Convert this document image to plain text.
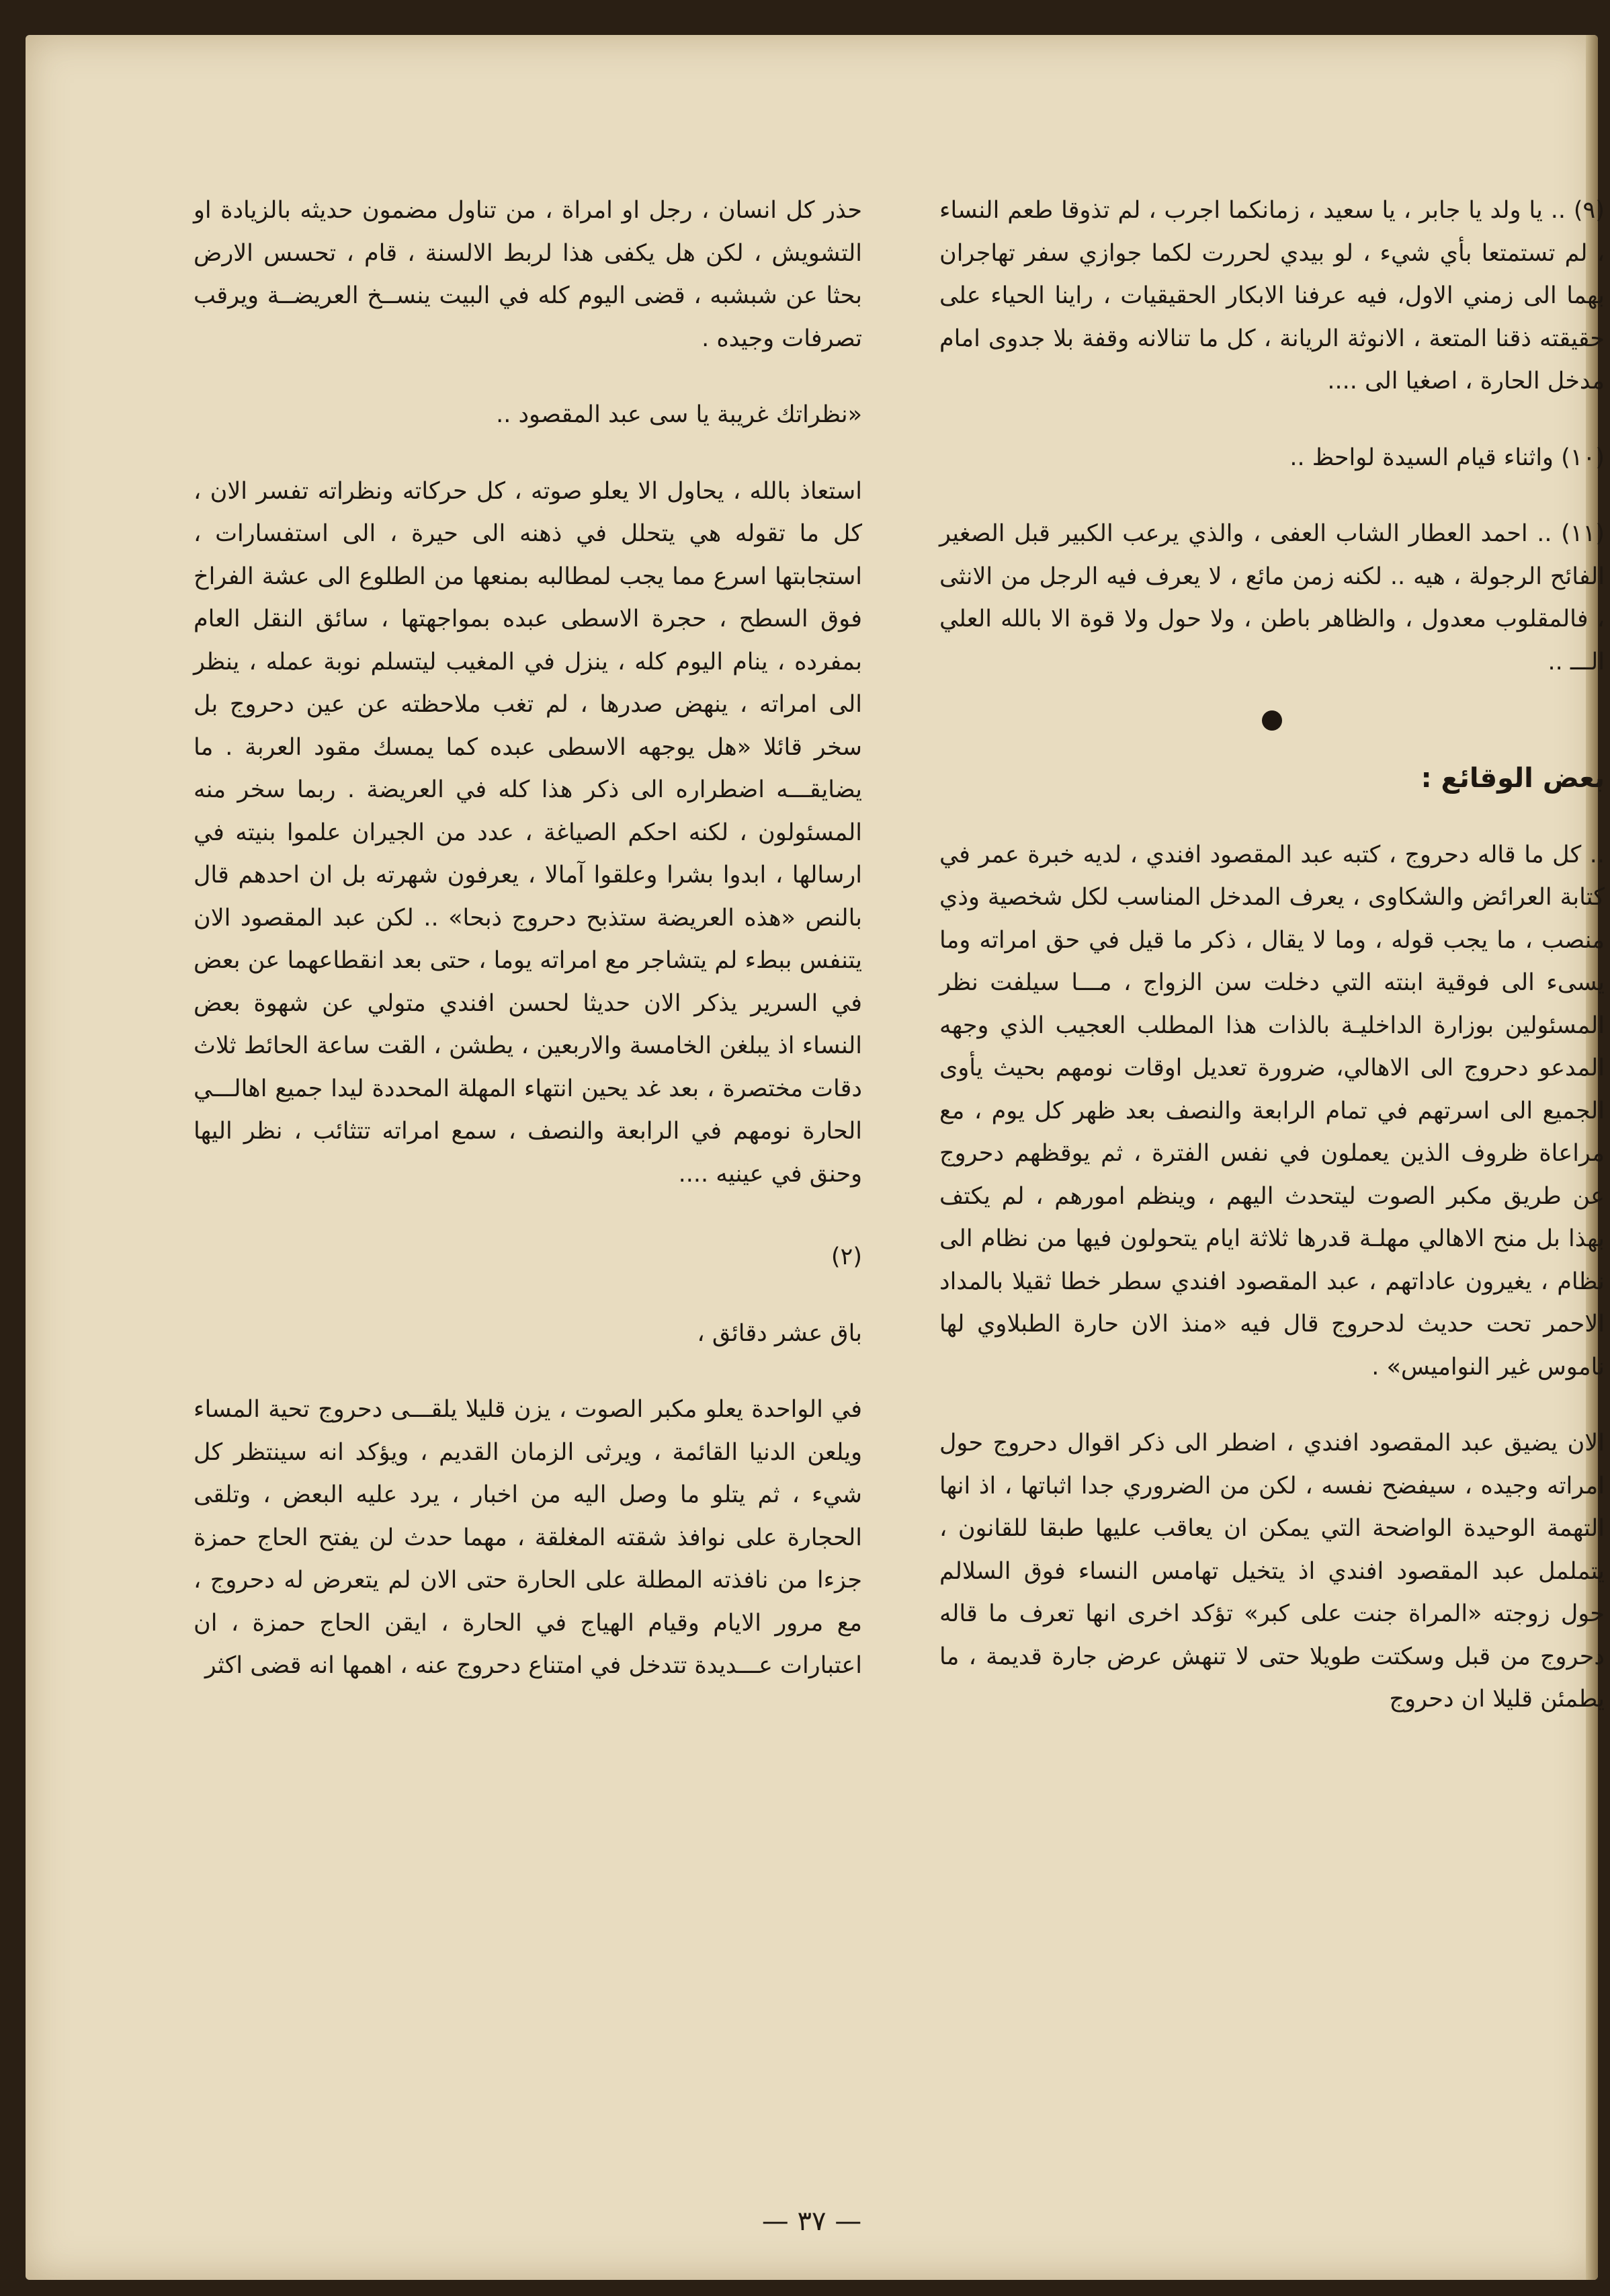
(٩) .. يا ولد يا جابر ، يا سعيد ، زمانكما اجرب ، لم تذوقا طعم النساء ، لم تستمتعا بأي شيء ، لو بيدي لحررت لكما جوازي سفر تهاجران بهما الى زمني الاول، فيه عرفنا الابكار الحقيقيات ، راينا الحياء على حقيقته ذقنا المتعة ، الانوثة الريانة ، كل ما تنالانه وقفة بلا جدوى امام مدخل الحارة ، اصغيا الى ....

(١٠) واثناء قيام السيدة لواحظ ..

(١١) .. احمد العطار الشاب العفى ، والذي يرعب الكبير قبل الصغير الفائح الرجولة ، هيه .. لكنه زمن مائع ، لا يعرف فيه الرجل من الانثى ، فالمقلوب معدول ، والظاهر باطن ، ولا حول ولا قوة الا بالله العلي الـــ ..

بعض الوقائع :

.. كل ما قاله دحروج ، كتبه عبد المقصود افندي ، لديه خبرة عمر في كتابة العرائض والشكاوى ، يعرف المدخل المناسب لكل شخصية وذي منصب ، ما يجب قوله ، وما لا يقال ، ذكر ما قيل في حق امراته وما يسىء الى فوقية ابنته التي دخلت سن الزواج ، مـــا سيلفت نظر المسئولين بوزارة الداخليـة بالذات هذا المطلب العجيب الذي وجهه المدعو دحروج الى الاهالي، ضرورة تعديل اوقات نومهم بحيث يأوى الجميع الى اسرتهم في تمام الرابعة والنصف بعد ظهر كل يوم ، مع مراعاة ظروف الذين يعملون في نفس الفترة ، ثم يوقظهم دحروج عن طريق مكبر الصوت ليتحدث اليهم ، وينظم امورهم ، لم يكتف بهذا بل منح الاهالي مهلـة قدرها ثلاثة ايام يتحولون فيها من نظام الى نظام ، يغيرون عاداتهم ، عبد المقصود افندي سطر خطا ثقيلا بالمداد الاحمر تحت حديث لدحروج قال فيه «منذ الان حارة الطبلاوي لها ناموس غير النواميس» .

الان يضيق عبد المقصود افندي ، اضطر الى ذكر اقوال دحروج حول امراته وجيده ، سيفضح نفسه ، لكن من الضروري جدا اثباتها ، اذ انها التهمة الوحيدة الواضحة التي يمكن ان يعاقب عليها طبقا للقانون ، يتململ عبد المقصود افندي اذ يتخيل تهامس النساء فوق السلالم حول زوجته «المراة جنت على كبر» تؤكد اخرى انها تعرف ما قاله دحروج من قبل وسكتت طويلا حتى لا تنهش عرض جارة قديمة ، ما يطمئن قليلا ان دحروج

حذر كل انسان ، رجل او امراة ، من تناول مضمون حديثه بالزيادة او التشويش ، لكن هل يكفى هذا لربط الالسنة ، قام ، تحسس الارض بحثا عن شبشبه ، قضى اليوم كله في البيت ينســخ العريضــة ويرقب تصرفات وجيده .

«نظراتك غريبة يا سى عبد المقصود ..

استعاذ بالله ، يحاول الا يعلو صوته ، كل حركاته ونظراته تفسر الان ، كل ما تقوله هي يتحلل في ذهنه الى حيرة ، الى استفسارات ، استجابتها اسرع مما يجب لمطالبه بمنعها من الطلوع الى عشة الفراخ فوق السطح ، حجرة الاسطى عبده بمواجهتها ، سائق النقل العام بمفرده ، ينام اليوم كله ، ينزل في المغيب ليتسلم نوبة عمله ، ينظر الى امراته ، ينهض صدرها ، لم تغب ملاحظته عن عين دحروج بل سخر قائلا «هل يوجهه الاسطى عبده كما يمسك مقود العربة . ما يضايقـــه اضطراره الى ذكر هذا كله في العريضة . ربما سخر منه المسئولون ، لكنه احكم الصياغة ، عدد من الجيران علموا بنيته في ارسالها ، ابدوا بشرا وعلقوا آمالا ، يعرفون شهرته بل ان احدهم قال بالنص «هذه العريضة ستذبح دحروج ذبحا» .. لكن عبد المقصود الان يتنفس ببطء لم يتشاجر مع امراته يوما ، حتى بعد انقطاعهما عن بعض في السرير يذكر الان حديثا لحسن افندي متولي عن شهوة بعض النساء اذ يبلغن الخامسة والاربعين ، يطشن ، القت ساعة الحائط ثلاث دقات مختصرة ، بعد غد يحين انتهاء المهلة المحددة ليدا جميع اهالـــي الحارة نومهم في الرابعة والنصف ، سمع امراته تتثائب ، نظر اليها وحنق في عينيه ....

(٢)

باق عشر دقائق ،

في الواحدة يعلو مكبر الصوت ، يزن قليلا يلقـــى دحروج تحية المساء ويلعن الدنيا القائمة ، ويرثى الزمان القديم ، ويؤكد انه سينتظر كل شيء ، ثم يتلو ما وصل اليه من اخبار ، يرد عليه البعض ، وتلقى الحجارة على نوافذ شقته المغلقة ، مهما حدث لن يفتح الحاج حمزة جزءا من نافذته المطلة على الحارة حتى الان لم يتعرض له دحروج ، مع مرور الايام وقيام الهياج في الحارة ، ايقن الحاج حمزة ، ان اعتبارات عـــديدة تتدخل في امتناع دحروج عنه ، اهمها انه قضى اكثر

— ٣٧ —
